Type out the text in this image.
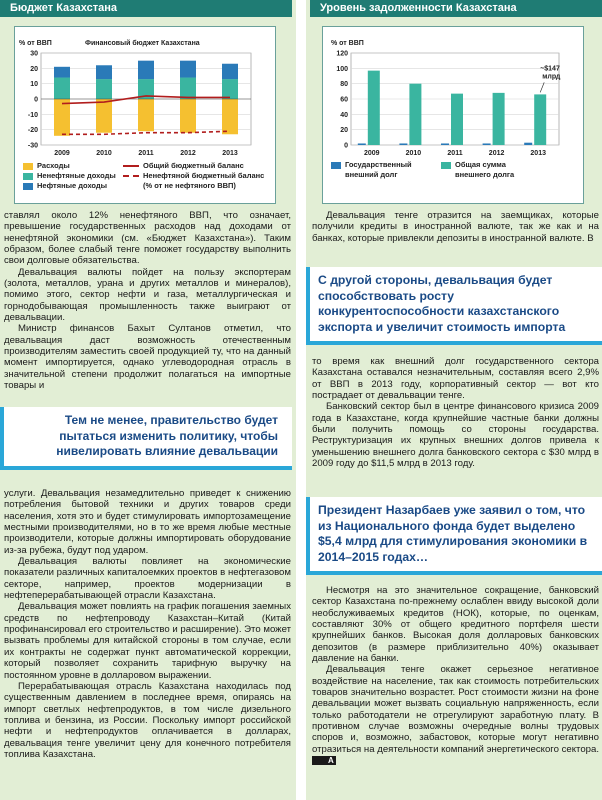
Бюджет Казахстана	Уровень задолженности Казахстана
% от ВВП	Финансовый бюджет Казахстана
30
20
10
0
-10
-20
-30
2009	2010	2011	2012	2013
Расходы
Ненефтяные доходы
Нефтяные доходы
Общий бюджетный баланс
Ненефтяной бюджетный баланс
(% от не нефтяного ВВП)
% от ВВП
120
100
80
60
40
20
0
2009	2010	2011	2012	2013
~$147
млрд
Государственный
внешний долг
Общая сумма
внешнего долга

ставлял около 12% ненефтяного ВВП, что означает, превышение государственных расходов над доходами от ненефтяной экономики (см. «Бюджет Казахстана»). Таким образом, более слабый тенге поможет государству выполнить свои долговые обязательства.

Девальвация валюты пойдет на пользу экспортерам (золота, металлов, урана и других металлов и минералов), помимо этого, сектор нефти и газа, металлургическая и горнодобывающая промышленность также выиграют от девальвации.

Министр финансов Бахыт Султанов отметил, что девальвация даст возможность отечественным производителям заместить своей продукцией ту, что на данный момент импортируется, однако углеводородная отрасль в значительной степени продолжит полагаться на импортные товары и

Тем не менее, правительство будет пытаться изменить политику, чтобы нивелировать влияние девальвации

услуги. Девальвация незамедлительно приведет к снижению потребления бытовой техники и других товаров среди населения, хотя это и будет стимулировать импортозамещение местными производителями, но в то же время любые местные производители, которые должны импортировать оборудование из-за рубежа, будут под ударом.

Девальвация валюты повлияет на экономические показатели различных капиталоемких проектов в нефтегазовом секторе, например, проектов модернизации в нефтеперерабатывающей отрасли Казахстана.

Девальвация может повлиять на график погашения заемных средств по нефтепроводу Казахстан–Китай (Китай профинансировал его строительство и расширение). Это может вызвать проблемы для китайской стороны в том случае, если их контракты не содержат пункт автоматической коррекции, который позволяет сохранить тарифную выручку на постоянном уровне в долларовом выражении.

Перерабатывающая отрасль Казахстана находилась под существенным давлением в последнее время, опираясь на импорт светлых нефтепродуктов, в том числе дизельного топлива и бензина, из России. Поскольку импорт российской нефти и нефтепродуктов оплачивается в долларах, девальвация тенге увеличит цену для конечного потребителя топлива Казахстана.

Девальвация тенге отразится на заемщиках, которые получили кредиты в иностранной валюте, так же как и на банках, которые привлекли депозиты в иностранной валюте. В

С другой стороны, девальвация будет способствовать росту конкурентоспособности казахстанского экспорта и увеличит стоимость импорта

то время как внешний долг государственного сектора Казахстана оставался незначительным, составляя всего 2,9% от ВВП в 2013 году, корпоративный сектор — вот кто пострадает от девальвации тенге.

Банковский сектор был в центре финансового кризиса 2009 года в Казахстане, когда крупнейшие частные банки должны были получить помощь со стороны государства. Реструктуризация их крупных внешних долгов привела к уменьшению внешнего долга банковского сектора с $30 млрд в 2009 году до $11,5 млрд в 2013 году.

Президент Назарбаев уже заявил о том, что из Национального фонда будет выделено $5,4 млрд для стимулирования экономики в 2014–2015 годах…

Несмотря на это значительное сокращение, банковский сектор Казахстана по-прежнему ослаблен ввиду высокой доли необслуживаемых кредитов (НОК), которые, по оценкам, составляют 30% от общего кредитного портфеля шести крупнейших банков. Высокая доля долларовых банковских депозитов (в размере приблизительно 40%) оказывает давление на банки.

Девальвация тенге окажет серьезное негативное воздействие на население, так как стоимость потребительских товаров значительно возрастет. Рост стоимости жизни на фоне девальвации может вызвать социальную напряженность, если только работодатели не отрегулируют заработную плату. В противном случае возможны очередные волны трудовых споров и, возможно, забастовок, которые могут негативно отразиться на деятельности компаний энергетического сектора. A
